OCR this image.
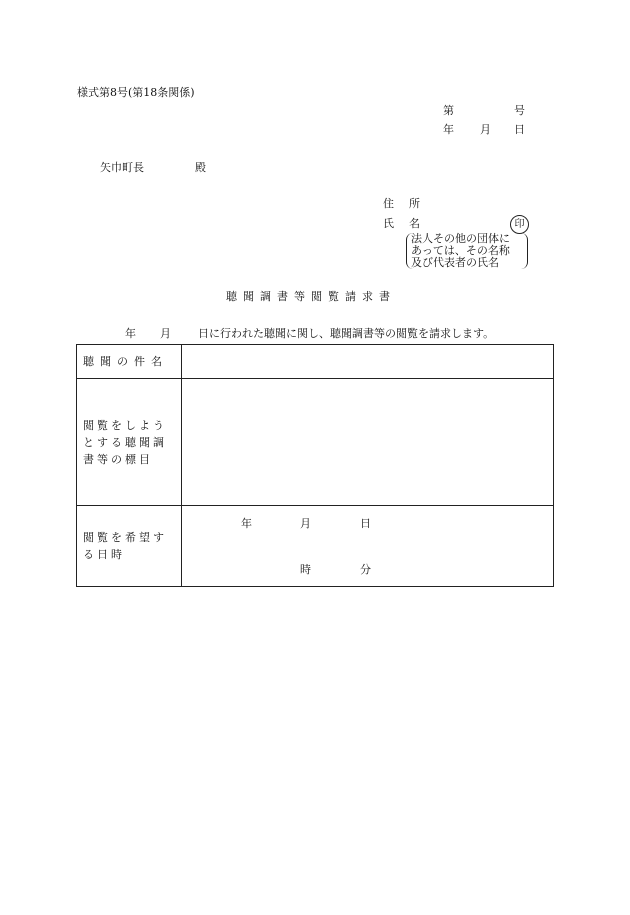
様式第8号(第18条関係)
第	号
年 月 日
矢巾町長	殿
住　所
氏　名	印
法人その他の団体に
あっては、その名称
及び代表者の氏名
聴聞調書等閲覧請求書
年 月 日に行われた聴聞に関し、聴聞調書等の閲覧を請求します。
聴聞の件名	

閲覧をしようとする聴聞調書等の標目	

閲覧を希望する日時	年 月 日
時 分
